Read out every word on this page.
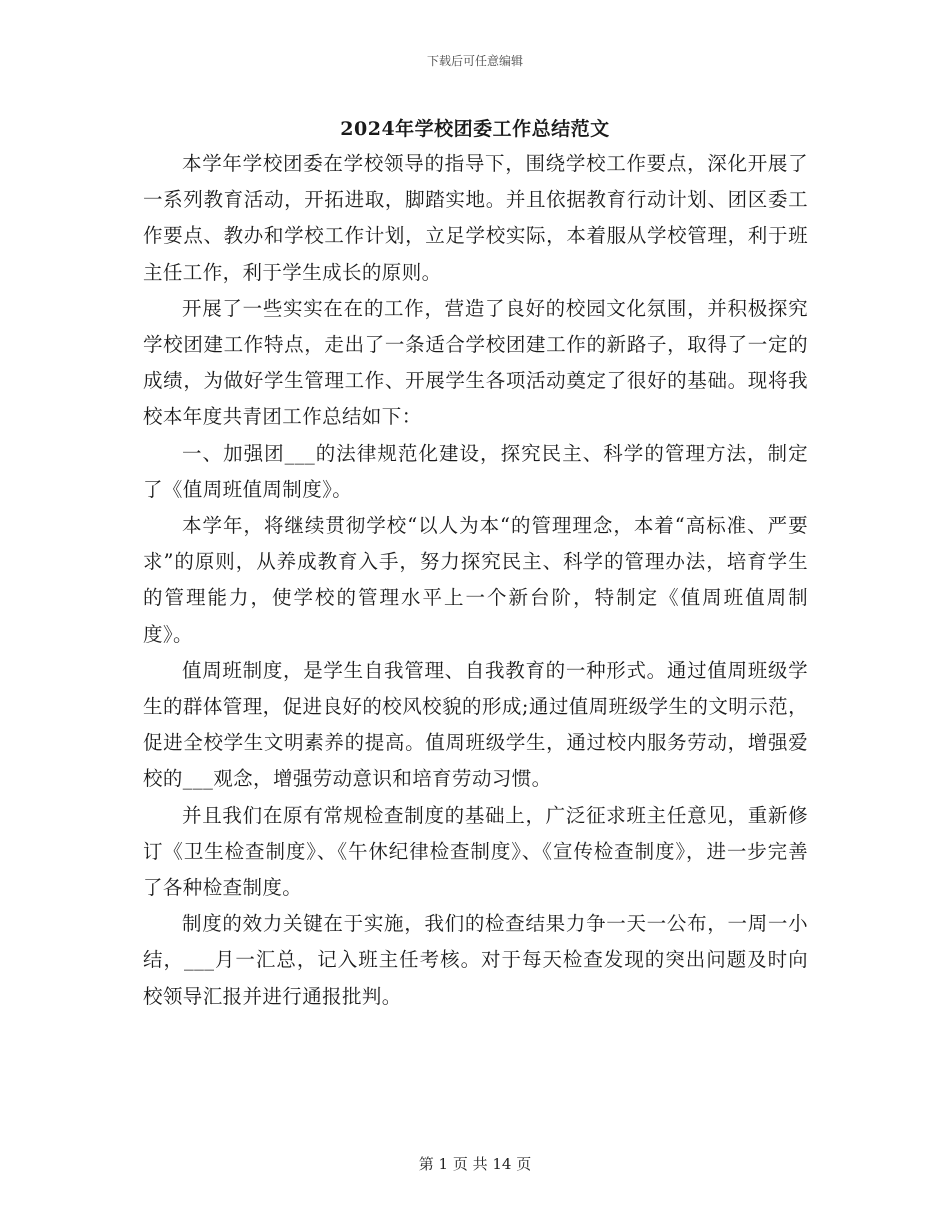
下载后可任意编辑
2024年学校团委工作总结范文

本学年学校团委在学校领导的指导下，围绕学校工作要点，深化开展了一系列教育活动，开拓进取，脚踏实地。并且依据教育行动计划、团区委工作要点、教办和学校工作计划，立足学校实际，本着服从学校管理，利于班主任工作，利于学生成长的原则。

开展了一些实实在在的工作，营造了良好的校园文化氛围，并积极探究学校团建工作特点，走出了一条适合学校团建工作的新路子，取得了一定的成绩，为做好学生管理工作、开展学生各项活动奠定了很好的基础。现将我校本年度共青团工作总结如下：

一、加强团___的法律规范化建设，探究民主、科学的管理方法，制定了《值周班值周制度》。

本学年，将继续贯彻学校“以人为本“的管理理念，本着“高标准、严要求”的原则，从养成教育入手，努力探究民主、科学的管理办法，培育学生的管理能力，使学校的管理水平上一个新台阶，特制定《值周班值周制度》。

值周班制度，是学生自我管理、自我教育的一种形式。通过值周班级学生的群体管理，促进良好的校风校貌的形成;通过值周班级学生的文明示范，促进全校学生文明素养的提高。值周班级学生，通过校内服务劳动，增强爱校的___观念，增强劳动意识和培育劳动习惯。

并且我们在原有常规检查制度的基础上，广泛征求班主任意见，重新修订《卫生检查制度》、《午休纪律检查制度》、《宣传检查制度》，进一步完善了各种检查制度。

制度的效力关键在于实施，我们的检查结果力争一天一公布，一周一小结，___月一汇总，记入班主任考核。对于每天检查发现的突出问题及时向校领导汇报并进行通报批判。

第 1 页 共 14 页
